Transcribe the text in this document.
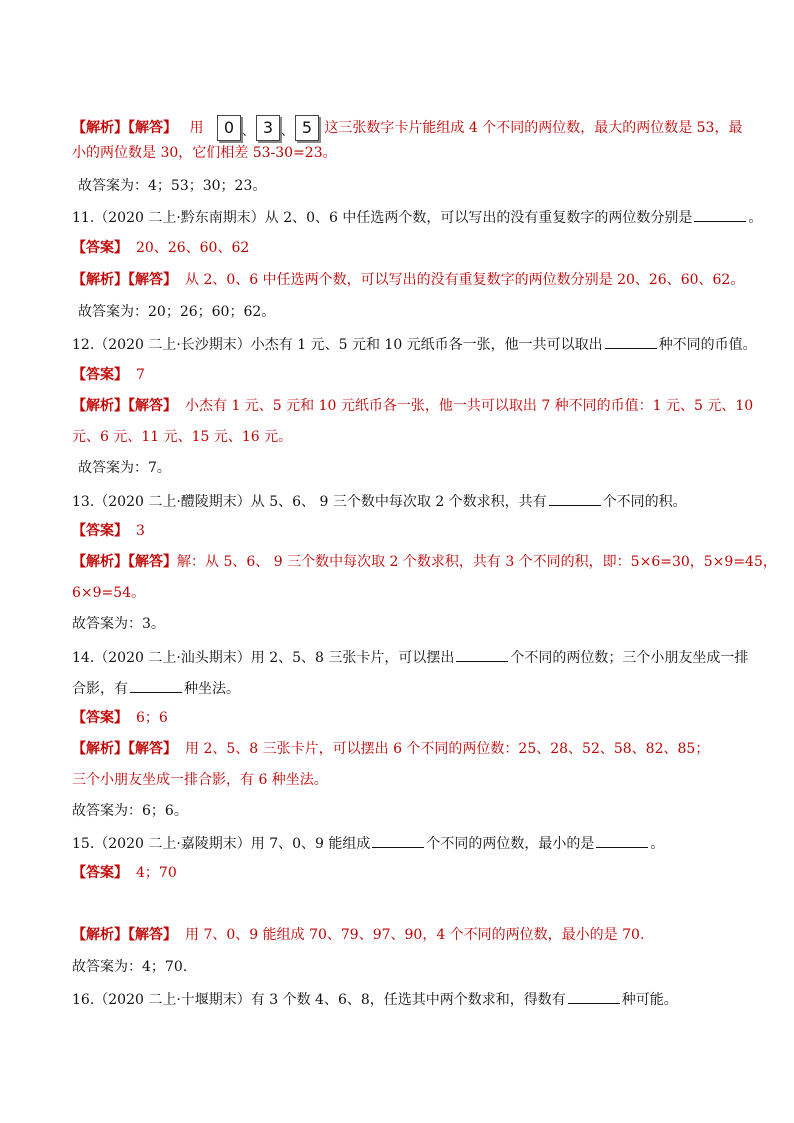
【解析】【解答】 用 0 、 3 、 5 这三张数字卡片能组成 4 个不同的两位数，最大的两位数是 53，最
小的两位数是 30，它们相差 53-30=23。
故答案为：4；53；30；23。
11.（2020 二上·黔东南期末）从 2、0、6 中任选两个数，可以写出的没有重复数字的两位数分别是	。
【答案】 20、26、60、62
【解析】【解答】 从 2、0、6 中任选两个数，可以写出的没有重复数字的两位数分别是 20、26、60、62。
故答案为：20；26；60；62。
12.（2020 二上·长沙期末）小杰有 1 元、5 元和 10 元纸币各一张，他一共可以取出	种不同的币值。
【答案】 7
【解析】【解答】 小杰有 1 元、5 元和 10 元纸币各一张，他一共可以取出 7 种不同的币值：1 元、5 元、10
元、6 元、11 元、15 元、16 元。
故答案为：7。
13.（2020 二上·醴陵期末）从 5、6、 9 三个数中每次取 2 个数求积，共有	个不同的积。
【答案】 3
【解析】【解答】解：从 5、6、 9 三个数中每次取 2 个数求积，共有 3 个不同的积，即：5×6=30，5×9=45，
6×9=54。
故答案为：3。
14.（2020 二上·汕头期末）用 2、5、8 三张卡片，可以摆出	个不同的两位数；三个小朋友坐成一排
合影，有	种坐法。
【答案】 6；6
【解析】【解答】 用 2、5、8 三张卡片，可以摆出 6 个不同的两位数：25、28、52、58、82、85；
三个小朋友坐成一排合影，有 6 种坐法。
故答案为：6；6。
15.（2020 二上·嘉陵期末）用 7、0、9 能组成	个不同的两位数，最小的是	。
【答案】 4；70
【解析】【解答】 用 7、0、9 能组成 70、79、97、90，4 个不同的两位数，最小的是 70.
故答案为：4；70.
16.（2020 二上·十堰期末）有 3 个数 4、6、8，任选其中两个数求和，得数有	种可能。
